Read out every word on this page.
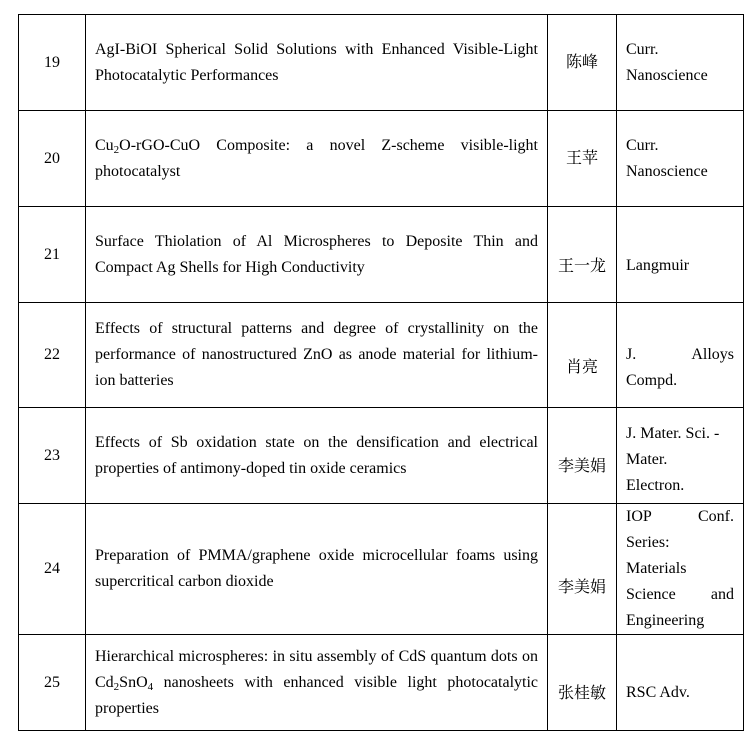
19	AgI-BiOI Spherical Solid Solutions with Enhanced Visible-Light Photocatalytic Performances	陈峰	Curr.
Nanoscience

20	$Cu_2O-rGO$-CuO Composite: a novel Z-scheme visible-light photocatalyst	王苹	Curr.
Nanoscience

21	Surface Thiolation of Al Microspheres to Deposite Thin and Compact Ag Shells for High Conductivity	王一龙	Langmuir

22	Effects of structural patterns and degree of crystallinity on the performance of nanostructured ZnO as anode material for lithium-ion batteries	肖亮	J. Alloys
Compd.

23	Effects of Sb oxidation state on the densification and electrical properties of antimony-doped tin oxide ceramics	李美娟	J. Mater. Sci. -
Mater.
Electron.

24	Preparation of PMMA/graphene oxide microcellular foams using supercritical carbon dioxide	李美娟	IOP Conf.
Series:
Materials
Science and
Engineering

25	Hierarchical microspheres: in situ assembly of CdS quantum dots on $Cd_2SnO_4$ nanosheets with enhanced visible light photocatalytic properties	张桂敏	RSC Adv.
